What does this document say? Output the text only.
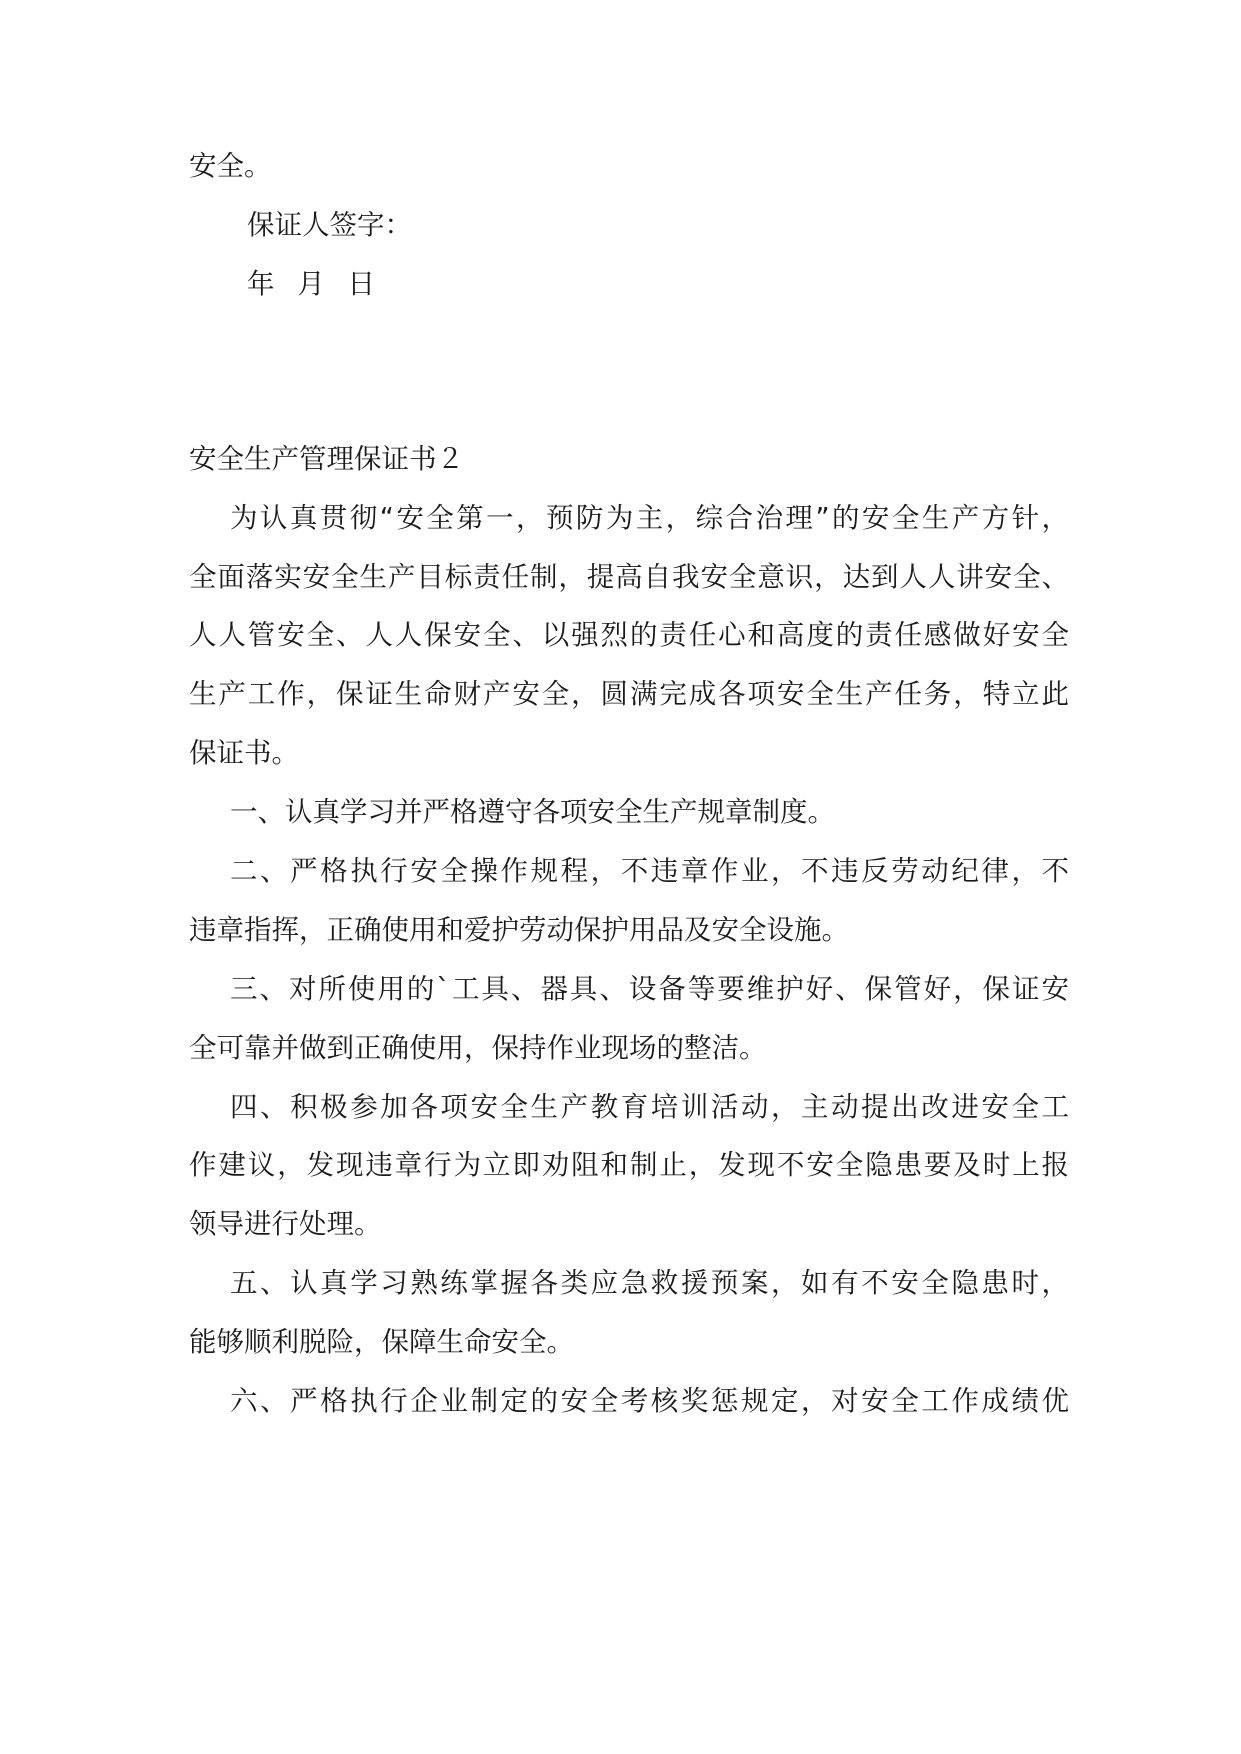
安全。
保证人签字：
年 月 日
安全生产管理保证书２
为认真贯彻“安全第一，预防为主，综合治理”的安全生产方针，
全面落实安全生产目标责任制，提高自我安全意识，达到人人讲安全、
人人管安全、人人保安全、以强烈的责任心和高度的责任感做好安全
生产工作，保证生命财产安全，圆满完成各项安全生产任务，特立此
保证书。
一、认真学习并严格遵守各项安全生产规章制度。
二、严格执行安全操作规程，不违章作业，不违反劳动纪律，不
违章指挥，正确使用和爱护劳动保护用品及安全设施。
三、对所使用的`工具、器具、设备等要维护好、保管好，保证安
全可靠并做到正确使用，保持作业现场的整洁。
四、积极参加各项安全生产教育培训活动，主动提出改进安全工
作建议，发现违章行为立即劝阻和制止，发现不安全隐患要及时上报
领导进行处理。
五、认真学习熟练掌握各类应急救援预案，如有不安全隐患时，
能够顺利脱险，保障生命安全。
六、严格执行企业制定的安全考核奖惩规定，对安全工作成绩优
